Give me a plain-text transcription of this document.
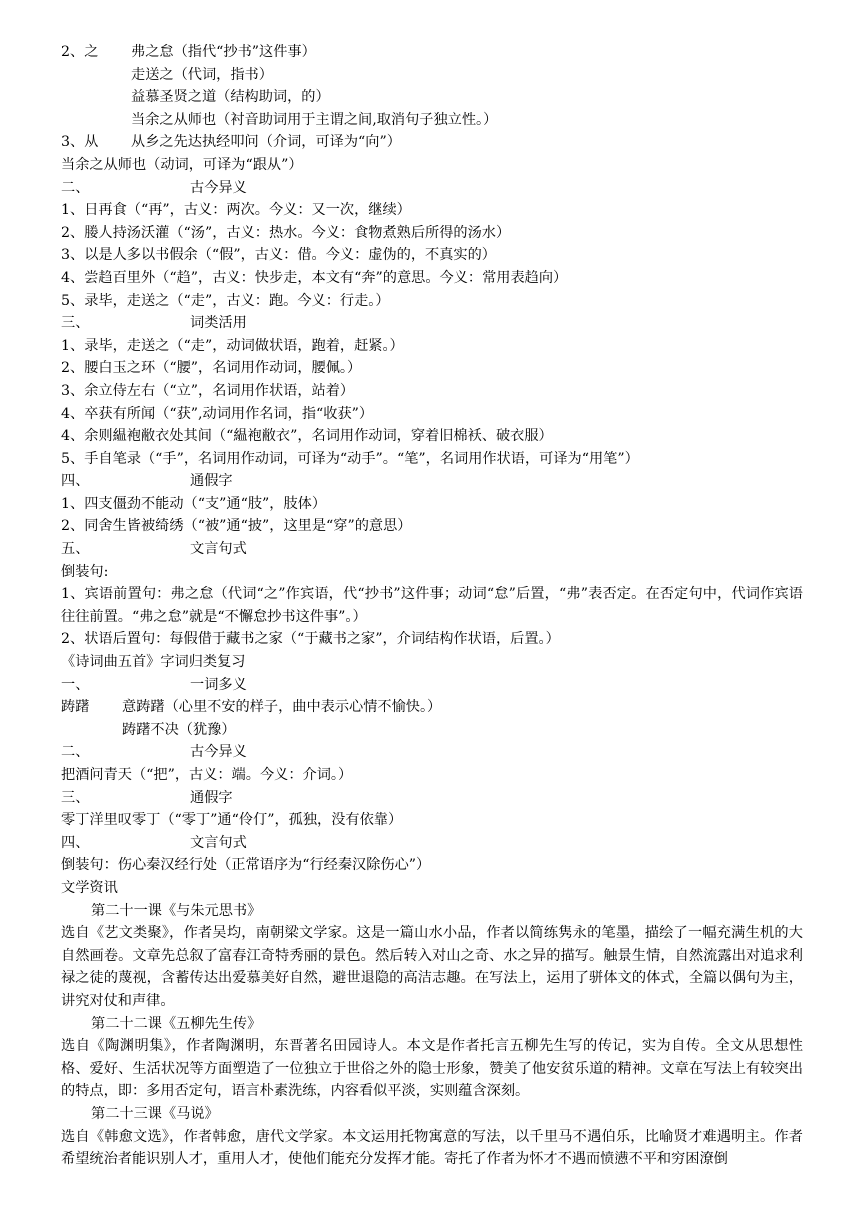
2、之 弗之怠（指代“抄书”这件事）
走送之（代词，指书）
益慕圣贤之道（结构助词，的）
当余之从师也（衬音助词用于主谓之间,取消句子独立性。）
3、从 从乡之先达执经叩问（介词，可译为“向”）
当余之从师也（动词，可译为“跟从”）
二、	古今异义
1、日再食（“再”，古义：两次。今义：又一次，继续）
2、媵人持汤沃灌（“汤”，古义：热水。今义：食物煮熟后所得的汤水）
3、以是人多以书假余（“假”，古义：借。今义：虚伪的，不真实的）
4、尝趋百里外（“趋”，古义：快步走，本文有“奔”的意思。今义：常用表趋向）
5、录毕，走送之（“走”，古义：跑。今义：行走。）
三、	词类活用
1、录毕，走送之（“走”，动词做状语，跑着，赶紧。）
2、腰白玉之环（“腰”，名词用作动词，腰佩。）
3、余立侍左右（“立”，名词用作状语，站着）
4、卒获有所闻（“获”,动词用作名词，指“收获”）
4、余则緼袍敝衣处其间（“緼袍敝衣”，名词用作动词，穿着旧棉袄、破衣服）
5、手自笔录（“手”，名词用作动词，可译为“动手”。“笔”，名词用作状语，可译为“用笔”）
四、	通假字
1、四支僵劲不能动（“支”通“肢”，肢体）
2、同舍生皆被绮绣（“被”通“披”，这里是“穿”的意思）
五、	文言句式
倒装句:
1、宾语前置句：弗之怠（代词“之”作宾语，代“抄书”这件事；动词“怠”后置，“弗”表否定。在否定句中，代词作宾语往往前置。“弗之怠”就是“不懈怠抄书这件事”。）
2、状语后置句：每假借于藏书之家（“于藏书之家”，介词结构作状语，后置。）
《诗词曲五首》字词归类复习
一、	一词多义
踌躇 意踌躇（心里不安的样子，曲中表示心情不愉快。）
踌躇不决（犹豫）
二、	古今异义
把酒问青天（“把”，古义：端。今义：介词。）
三、	通假字
零丁洋里叹零丁（“零丁”通“伶仃”，孤独，没有依靠）
四、	文言句式
倒装句：伤心秦汉经行处（正常语序为“行经秦汉除伤心”）
文学资讯
第二十一课《与朱元思书》
选自《艺文类聚》，作者吴均，南朝梁文学家。这是一篇山水小品，作者以简练隽永的笔墨，描绘了一幅充满生机的大自然画卷。文章先总叙了富春江奇特秀丽的景色。然后转入对山之奇、水之异的描写。触景生情，自然流露出对追求利禄之徒的蔑视，含蓄传达出爱慕美好自然，避世退隐的高洁志趣。在写法上，运用了骈体文的体式，全篇以偶句为主，讲究对仗和声律。
第二十二课《五柳先生传》
选自《陶渊明集》，作者陶渊明，东晋著名田园诗人。本文是作者托言五柳先生写的传记，实为自传。全文从思想性格、爱好、生活状况等方面塑造了一位独立于世俗之外的隐士形象，赞美了他安贫乐道的精神。文章在写法上有较突出的特点，即：多用否定句，语言朴素洗练，内容看似平淡，实则蕴含深刻。
第二十三课《马说》
选自《韩愈文选》，作者韩愈，唐代文学家。本文运用托物寓意的写法，以千里马不遇伯乐，比喻贤才难遇明主。作者希望统治者能识别人才，重用人才，使他们能充分发挥才能。寄托了作者为怀才不遇而愤懑不平和穷困潦倒
